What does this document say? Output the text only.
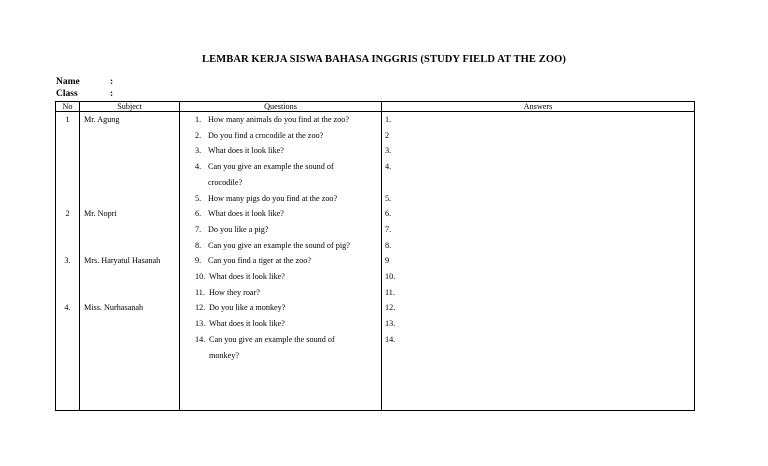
LEMBAR KERJA SISWA BAHASA INGGRIS (STUDY FIELD AT THE ZOO)
Name	:
Class	:
No	Subject	Questions	Answers
1	Mr. Agung	1. How many animals do you find at the zoo?	1.
		2. Do you find a crocodile at the zoo?	2
		3. What does it look like?	3.
		4. Can you give an example the sound of	4.
		crocodile?	
		5. How many pigs do you find at the zoo?	5.
2	Mr. Nopri	6. What does it look like?	6.
		7. Do you like a pig?	7.
		8. Can you give an example the sound of pig?	8.
3.	Mrs. Haryatul Hasanah	9. Can you find a tiger at the zoo?	9
		10. What does it look like?	10.
		11. How they roar?	11.
4.	Miss. Nurhasanah	12. Do you like a monkey?	12.
		13. What does it look like?	13.
		14. Can you give an example the sound of	14.
		monkey?	
